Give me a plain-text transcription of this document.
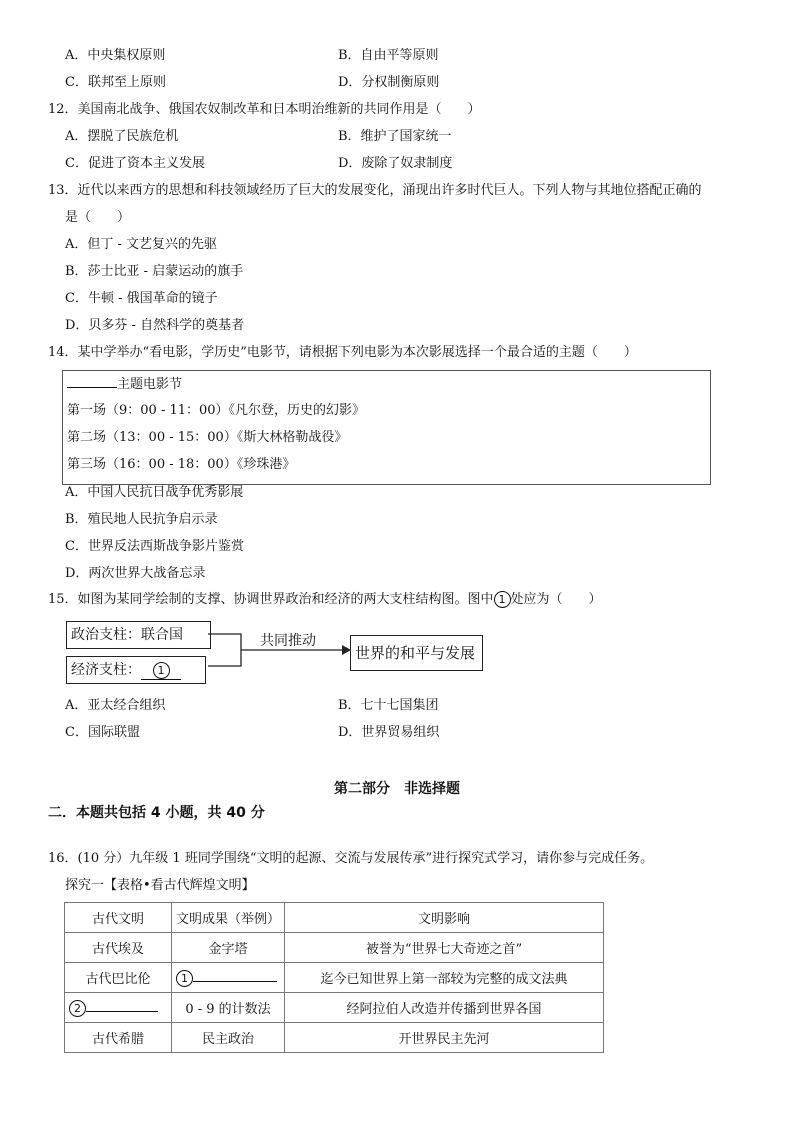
A．中央集权原则	B．自由平等原则
C．联邦至上原则	D．分权制衡原则
12．美国南北战争、俄国农奴制改革和日本明治维新的共同作用是（　　）
A．摆脱了民族危机	B．维护了国家统一
C．促进了资本主义发展	D．废除了奴隶制度
13．近代以来西方的思想和科技领域经历了巨大的发展变化，涌现出许多时代巨人。下列人物与其地位搭配正确的
是（　　）
A．但丁 - 文艺复兴的先驱
B．莎士比亚 - 启蒙运动的旗手
C．牛顿 - 俄国革命的镜子
D．贝多芬 - 自然科学的奠基者
14．某中学举办“看电影，学历史”电影节，请根据下列电影为本次影展选择一个最合适的主题（　　）
主题电影节
第一场（9：00 - 11：00）《凡尔登，历史的幻影》
第二场（13：00 - 15：00）《斯大林格勒战役》
第三场（16：00 - 18：00）《珍珠港》
A．中国人民抗日战争优秀影展
B．殖民地人民抗争启示录
C．世界反法西斯战争影片鉴赏
D．两次世界大战备忘录
15．如图为某同学绘制的支撑、协调世界政治和经济的两大支柱结构图。图中 1 处应为（　　）
政治支柱：联合国
经济支柱： 1
共同推动
世界的和平与发展
A．亚太经合组织	B．七十七国集团
C．国际联盟	D．世界贸易组织
第二部分　非选择题
二．本题共包括 4 小题，共 40 分
16．(10 分）九年级 1 班同学围绕“文明的起源、交流与发展传承”进行探究式学习，请你参与完成任务。
探究一【表格•看古代辉煌文明】
古代文明	文明成果（举例）	文明影响
古代埃及	金字塔	被誉为“世界七大奇迹之首”
古代巴比伦	1	迄今已知世界上第一部较为完整的成文法典
2	0 - 9 的计数法	经阿拉伯人改造并传播到世界各国
古代希腊	民主政治	开世界民主先河
